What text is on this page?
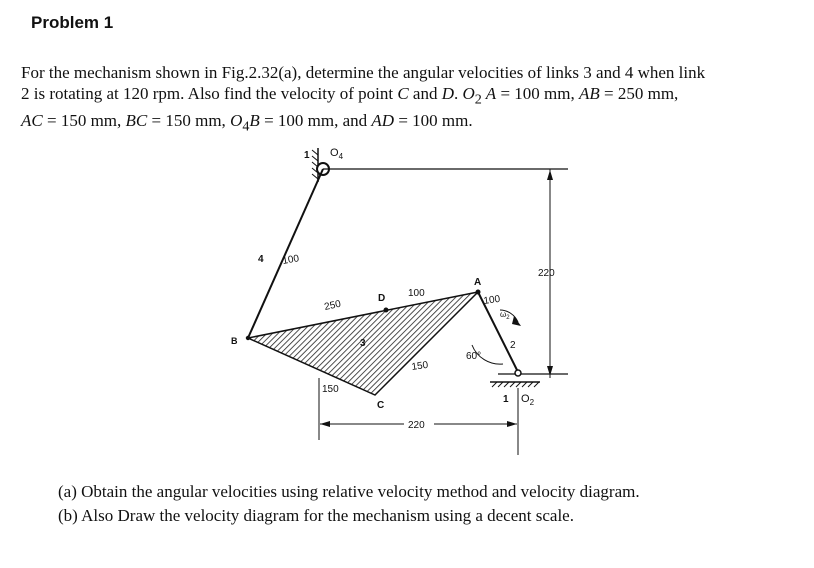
Problem 1

For the mechanism shown in Fig.2.32(a), determine the angular velocities of links 3 and 4 when link

2 is rotating at 120 rpm. Also find the velocity of point C and D. $O_2$ A = 100 mm, AB = 250 mm,

AC = 150 mm, BC = 150 mm, $O_4B = 100$ mm, and AD = 100 mm.

1 $O_4$
4 100
250
D 100
A
100
$\omega_2$
220
B	3
150
60°
2
150
C
1 $O_2$
220

(a) Obtain the angular velocities using relative velocity method and velocity diagram.

(b) Also Draw the velocity diagram for the mechanism using a decent scale.
